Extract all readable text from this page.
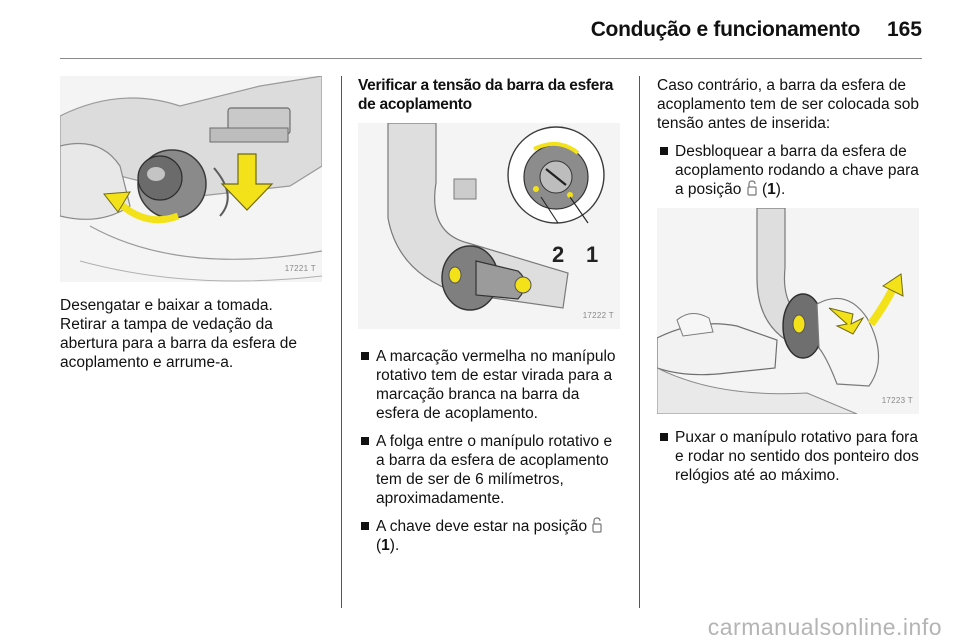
Condução e funcionamento	165
17221 T

Desengatar e baixar a tomada. Retirar a tampa de vedação da abertura para a barra da esfera de acoplamento e arrume-a.

Verificar a tensão da barra da esfera de acoplamento

2 1
17222 T
A marcação vermelha no manípulo rotativo tem de estar virada para a marcação branca na barra da esfera de acoplamento.
A folga entre o manípulo rotativo e a barra da esfera de acoplamento tem de ser de 6 milímetros, aproximadamente.
A chave deve estar na posição
(1).

Caso contrário, a barra da esfera de acoplamento tem de ser colocada sob tensão antes de inserida:

Desbloquear a barra da esfera de acoplamento rodando a chave para a posição (1).
17223 T
Puxar o manípulo rotativo para fora e rodar no sentido dos ponteiro dos relógios até ao máximo.
carmanualsonline.info
